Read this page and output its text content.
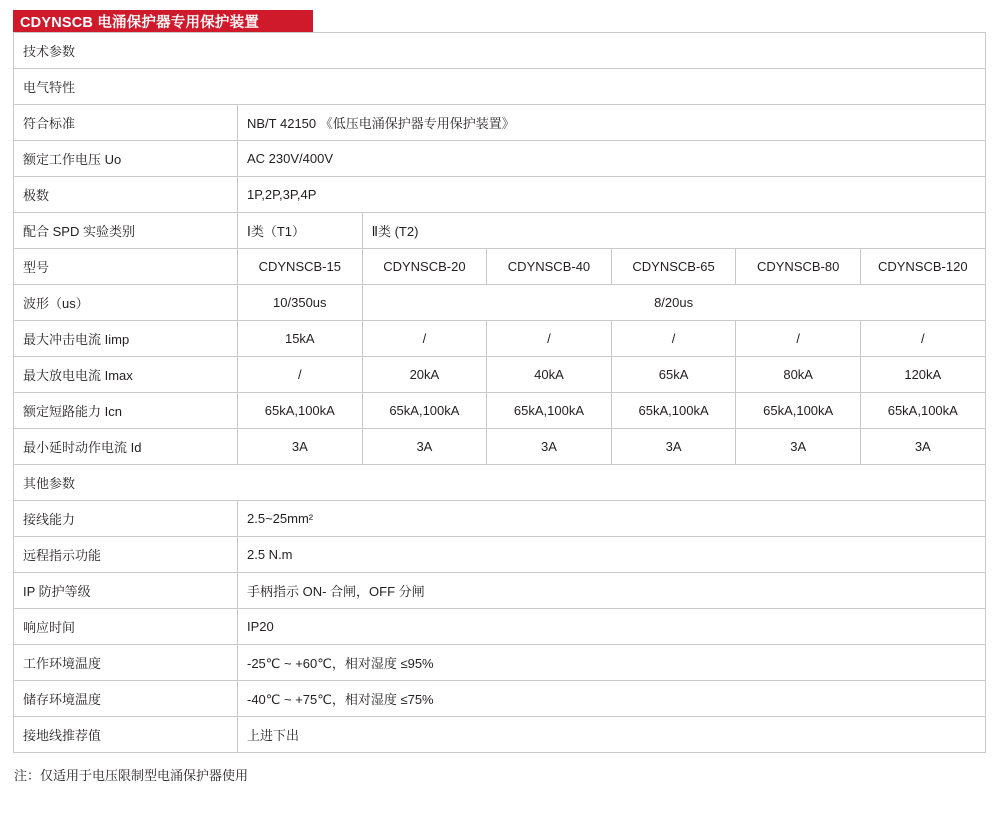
CDYNSCB 电涌保护器专用保护装置
技术参数						
电气特性						
符合标准	NB/T 42150 《低压电涌保护器专用保护装置》					
额定工作电压 Uo	AC 230V/400V					
极数	1P,2P,3P,4P					
配合 SPD 实验类别	Ⅰ类（T1）	Ⅱ类 (T2)				
型号	CDYNSCB-15	CDYNSCB-20	CDYNSCB-40	CDYNSCB-65	CDYNSCB-80	CDYNSCB-120
波形（us）	10/350us	8/20us				
最大冲击电流 Iimp	15kA	/	/	/	/	/
最大放电电流 Imax	/	20kA	40kA	65kA	80kA	120kA
额定短路能力 Icn	65kA,100kA	65kA,100kA	65kA,100kA	65kA,100kA	65kA,100kA	65kA,100kA
最小延时动作电流 Id	3A	3A	3A	3A	3A	3A
其他参数						
接线能力	2.5~25mm²					
远程指示功能	2.5 N.m					
IP 防护等级	手柄指示 ON- 合闸，OFF 分闸					
响应时间	IP20					
工作环境温度	-25℃ ~ +60℃，相对湿度 ≤95%					
储存环境温度	-40℃ ~ +75℃，相对湿度 ≤75%					
接地线推荐值	上进下出					
注：仅适用于电压限制型电涌保护器使用
